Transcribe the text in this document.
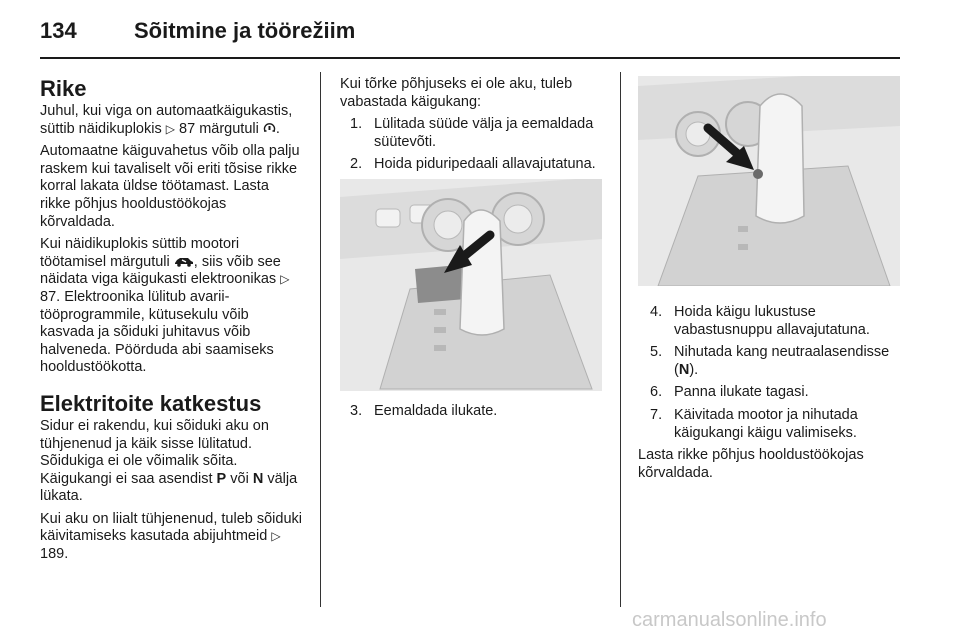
134	Sõitmine ja töörežiim
Rike

Juhul, kui viga on automaatkäigukastis, süttib näidikuplokis ▷ 87 märgutuli .

Automaatne käiguvahetus võib olla palju raskem kui tavaliselt või eriti tõsise rikke korral lakata üldse töötamast. Lasta rikke põhjus hooldustöökojas kõrvaldada.

Kui näidikuplokis süttib mootori töötamisel märgutuli , siis võib see näidata viga käigukasti elektroonikas ▷ 87. Elektroonika lülitub avarii-tööprogrammile, kütusekulu võib kasvada ja sõiduki juhitavus võib halveneda. Pöörduda abi saamiseks hooldustöökotta.

Elektritoite katkestus

Sidur ei rakendu, kui sõiduki aku on tühjenenud ja käik sisse lülitatud. Sõidukiga ei ole võimalik sõita. Käigukangi ei saa asendist P või N välja lükata.

Kui aku on liialt tühjenenud, tuleb sõiduki käivitamiseks kasutada abijuhtmeid ▷ 189.

Kui tõrke põhjuseks ei ole aku, tuleb vabastada käigukang:

1. Lülitada süüde välja ja eemaldada süütevõti.
2. Hoida piduripedaali allavajutatuna.
3. Eemaldada ilukate.
4. Hoida käigu lukustuse vabastusnuppu allavajutatuna.
5. Nihutada kang neutraalasendisse (N).
6. Panna ilukate tagasi.
7. Käivitada mootor ja nihutada käigukangi käigu valimiseks.

Lasta rikke põhjus hooldustöökojas kõrvaldada.

carmanualsonline.info
